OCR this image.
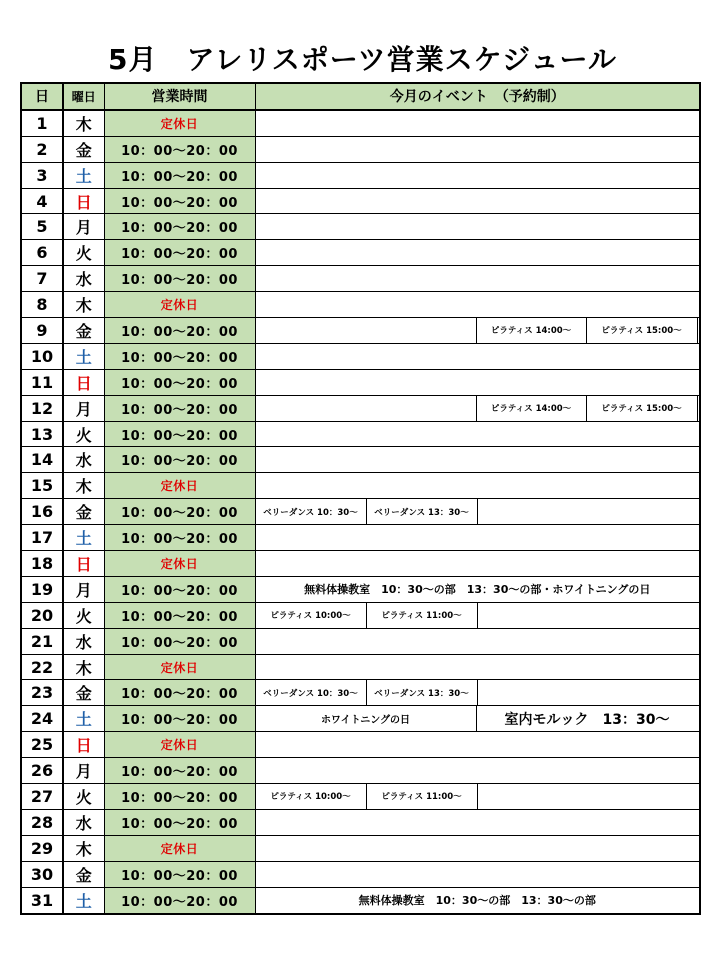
5月　アレリスポーツ営業スケジュール
日	曜日	営業時間	今月のイベント　（予約制）
1	木	定休日	

2	金	10：00～20：00	

3	土	10：00～20：00	

4	日	10：00～20：00	

5	月	10：00～20：00	

6	火	10：00～20：00	

7	水	10：00～20：00	

8	木	定休日	

9	金	10：00～20：00	ピラティス 14:00～ ピラティス 15:00～

10	土	10：00～20：00	

11	日	10：00～20：00	

12	月	10：00～20：00	ピラティス 14:00～ ピラティス 15:00～

13	火	10：00～20：00	

14	水	10：00～20：00	

15	木	定休日	

16	金	10：00～20：00	ベリーダンス 10：30～ ベリーダンス 13：30～

17	土	10：00～20：00	

18	日	定休日	

19	月	10：00～20：00	無料体操教室　10：30～の部　13：30～の部・ホワイトニングの日

20	火	10：00～20：00	ピラティス 10:00～ ピラティス 11:00～

21	水	10：00～20：00	

22	木	定休日	

23	金	10：00～20：00	ベリーダンス 10：30～ ベリーダンス 13：30～

24	土	10：00～20：00	ホワイトニングの日 室内モルック　13：30～

25	日	定休日	

26	月	10：00～20：00	

27	火	10：00～20：00	ピラティス 10:00～ ピラティス 11:00～

28	水	10：00～20：00	

29	木	定休日	

30	金	10：00～20：00	

31	土	10：00～20：00	無料体操教室　10：30～の部　13：30～の部
